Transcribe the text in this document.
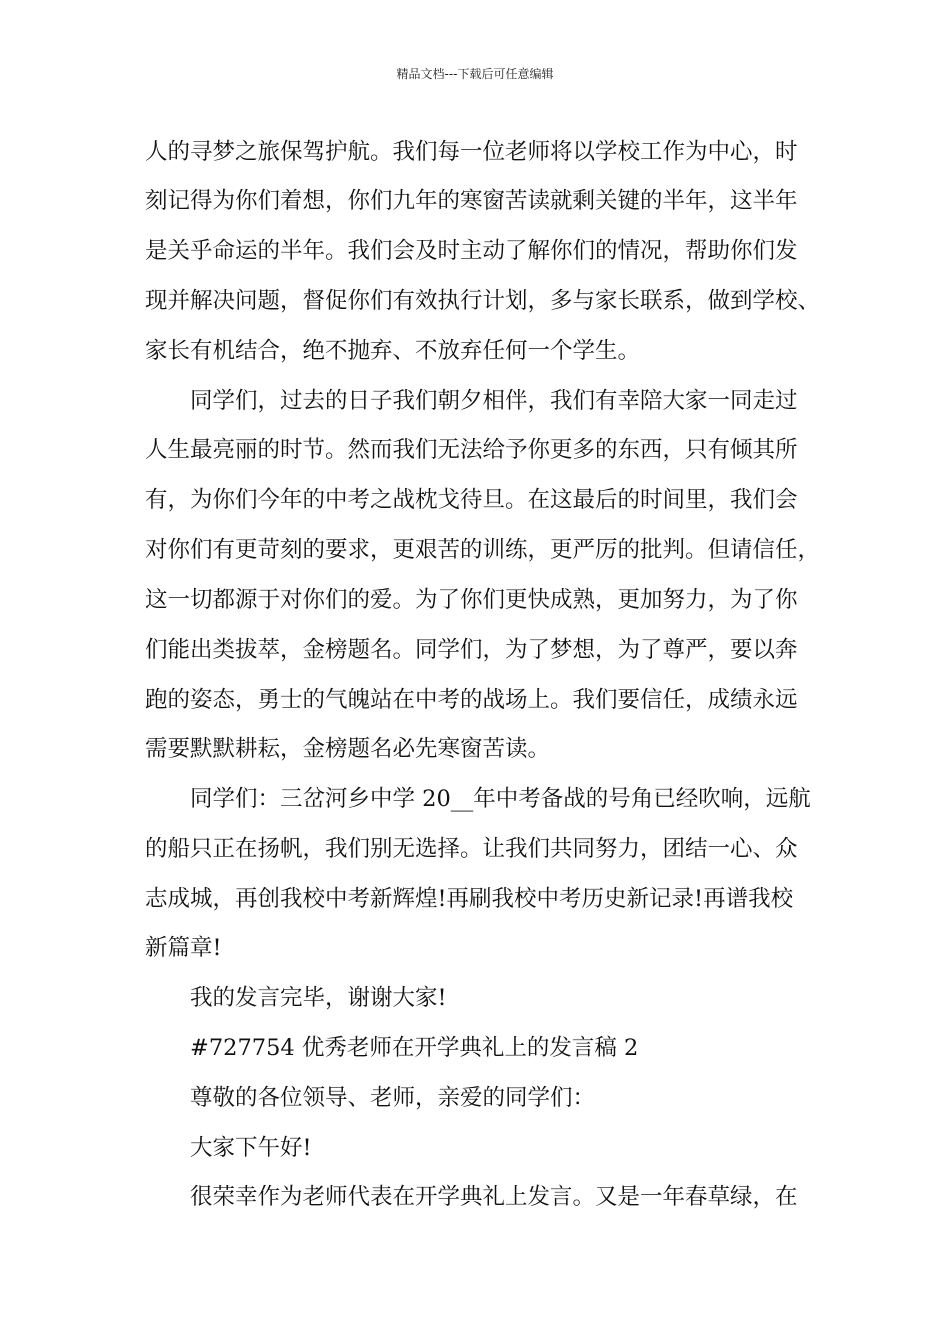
精品文档---下载后可任意编辑
人的寻梦之旅保驾护航。我们每一位老师将以学校工作为中心，时
刻记得为你们着想，你们九年的寒窗苦读就剩关键的半年，这半年
是关乎命运的半年。我们会及时主动了解你们的情况，帮助你们发
现并解决问题，督促你们有效执行计划，多与家长联系，做到学校、
家长有机结合，绝不抛弃、不放弃任何一个学生。
同学们，过去的日子我们朝夕相伴，我们有幸陪大家一同走过
人生最亮丽的时节。然而我们无法给予你更多的东西，只有倾其所
有，为你们今年的中考之战枕戈待旦。在这最后的时间里，我们会
对你们有更苛刻的要求，更艰苦的训练，更严厉的批判。但请信任，
这一切都源于对你们的爱。为了你们更快成熟，更加努力，为了你
们能出类拔萃，金榜题名。同学们，为了梦想，为了尊严，要以奔
跑的姿态，勇士的气魄站在中考的战场上。我们要信任，成绩永远
需要默默耕耘，金榜题名必先寒窗苦读。
同学们：三岔河乡中学 20__年中考备战的号角已经吹响，远航
的船只正在扬帆，我们别无选择。让我们共同努力，团结一心、众
志成城，再创我校中考新辉煌!再刷我校中考历史新记录!再谱我校
新篇章!
我的发言完毕，谢谢大家!
#727754 优秀老师在开学典礼上的发言稿 2
尊敬的各位领导、老师，亲爱的同学们：
大家下午好!
很荣幸作为老师代表在开学典礼上发言。又是一年春草绿，在
